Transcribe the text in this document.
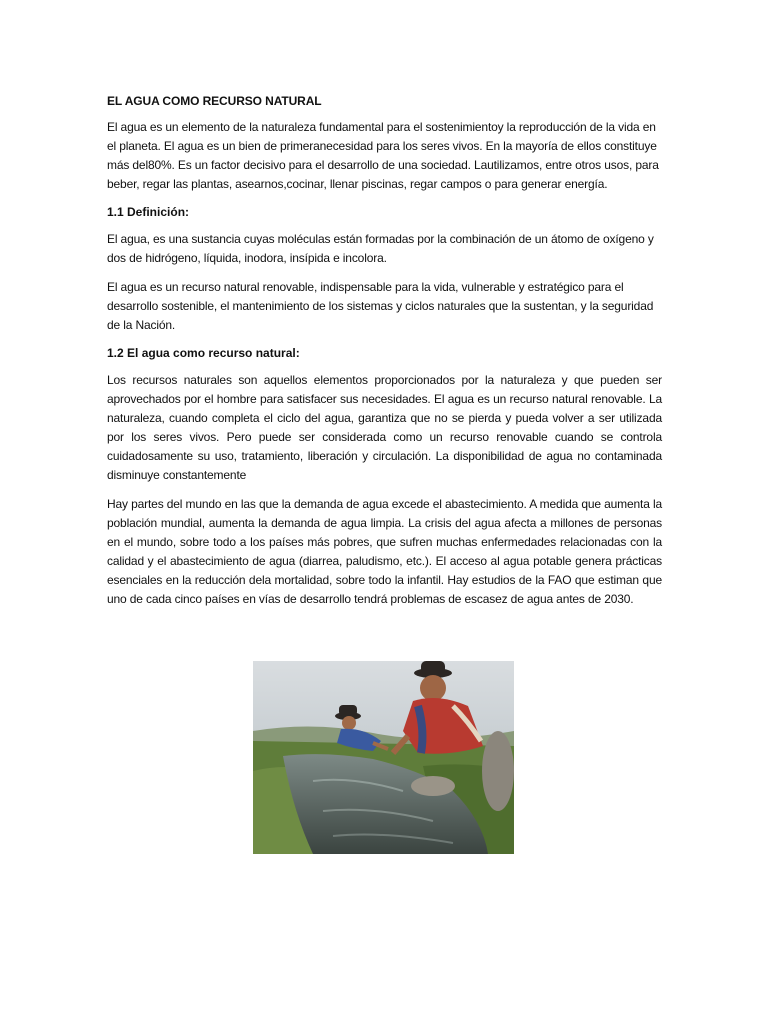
EL AGUA COMO RECURSO NATURAL

El agua es un elemento de la naturaleza fundamental para el sostenimientoy la reproducción de la vida en el planeta. El agua es un bien de primeranecesidad para los seres vivos. En la mayoría de ellos constituye más del80%. Es un factor decisivo para el desarrollo de una sociedad. Lautilizamos, entre otros usos, para beber, regar las plantas, asearnos,cocinar, llenar piscinas, regar campos o para generar energía.

1.1 Definición:

El agua, es una sustancia cuyas moléculas están formadas por la combinación de un átomo de oxígeno y dos de hidrógeno, líquida, inodora, insípida e incolora.

El agua es un recurso natural renovable, indispensable para la vida, vulnerable y estratégico para el desarrollo sostenible, el mantenimiento de los sistemas y ciclos naturales que la sustentan, y la seguridad de la Nación.

1.2 El agua como recurso natural:

Los recursos naturales son aquellos elementos proporcionados por la naturaleza y que pueden ser aprovechados por el hombre para satisfacer sus necesidades. El agua es un recurso natural renovable. La naturaleza, cuando completa el ciclo del agua, garantiza que no se pierda y pueda volver a ser utilizada por los seres vivos. Pero puede ser considerada como un recurso renovable cuando se controla cuidadosamente su uso, tratamiento, liberación y circulación. La disponibilidad de agua no contaminada disminuye constantemente

Hay partes del mundo en las que la demanda de agua excede el abastecimiento. A medida que aumenta la población mundial, aumenta la demanda de agua limpia. La crisis del agua afecta a millones de personas en el mundo, sobre todo a los países más pobres, que sufren muchas enfermedades relacionadas con la calidad y el abastecimiento de agua (diarrea, paludismo, etc.). El acceso al agua potable genera prácticas esenciales en la reducción dela mortalidad, sobre todo la infantil. Hay estudios de la FAO que estiman que uno de cada cinco países en vías de desarrollo tendrá problemas de escasez de agua antes de 2030.
